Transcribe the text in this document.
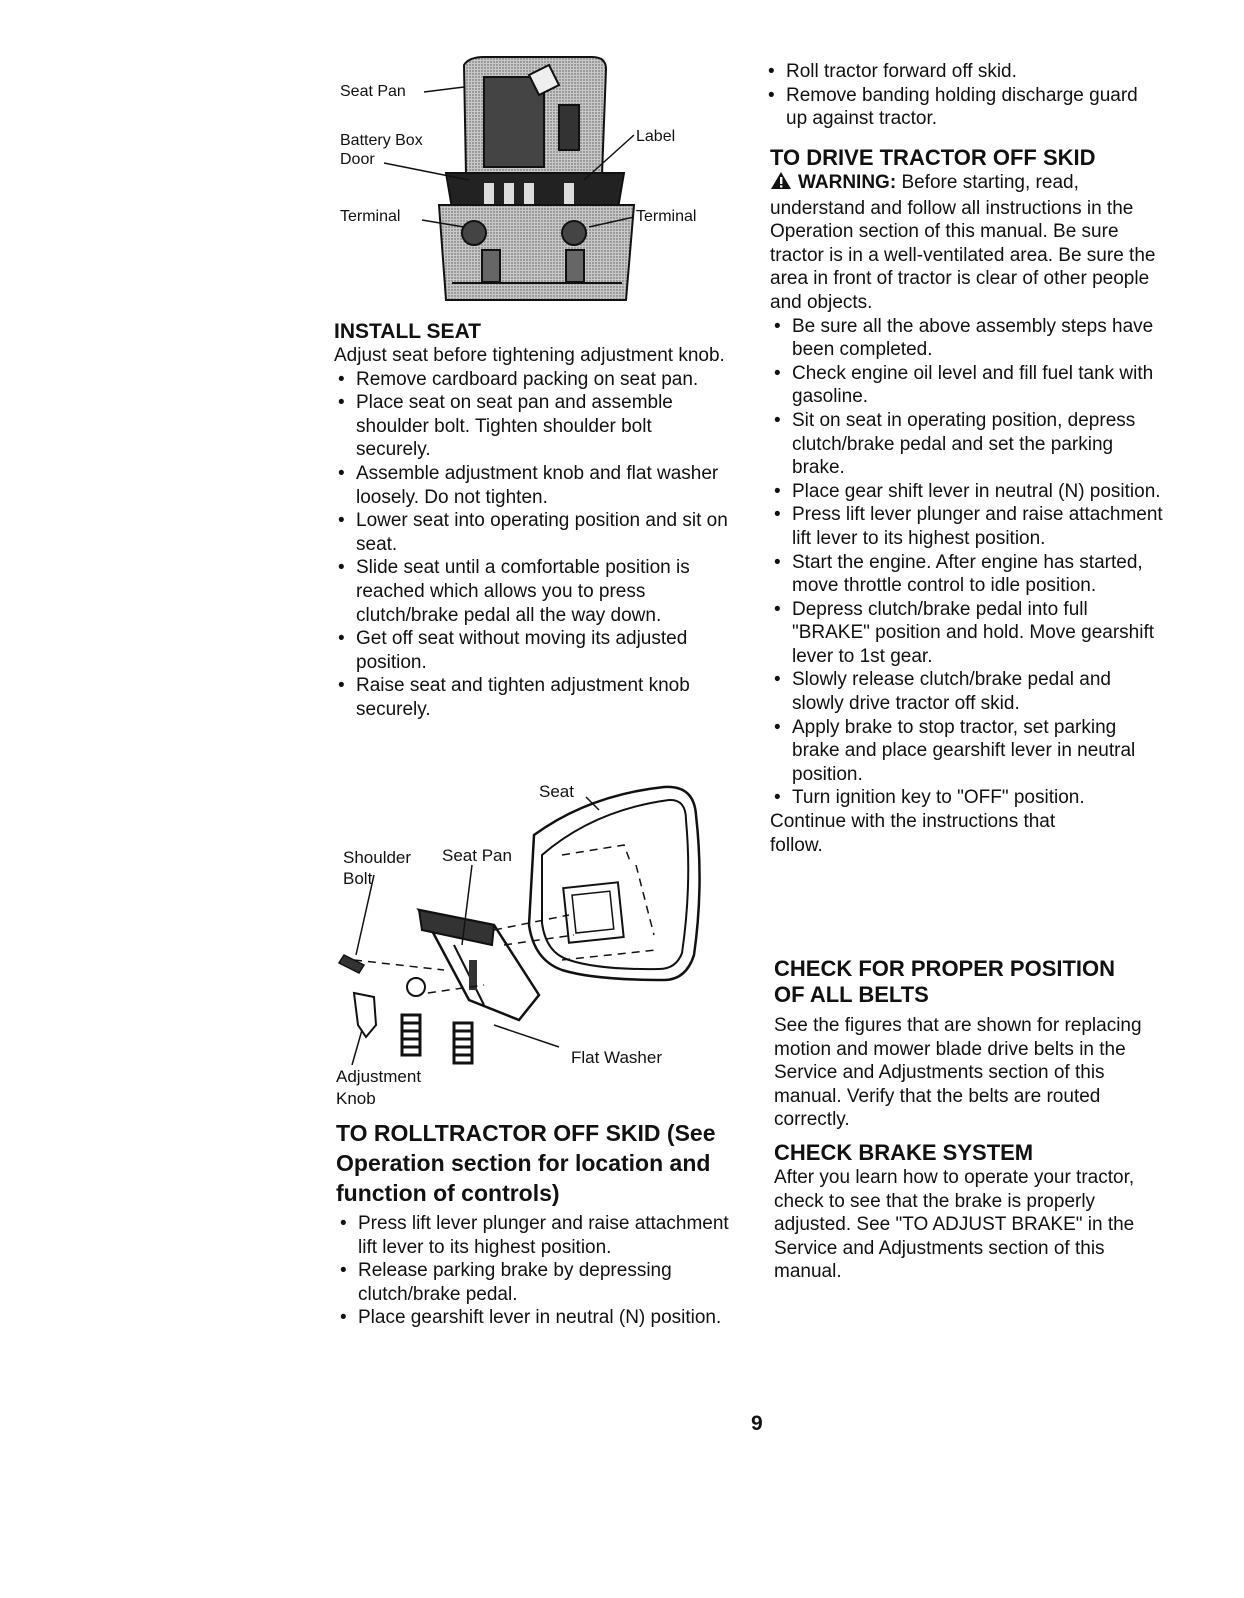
Seat Pan
Battery Box
Door
Label
Terminal	Terminal
INSTALL SEAT

Adjust seat before tightening adjustment knob.

• Remove cardboard packing on seat pan.
• Place seat on seat pan and assemble shoulder bolt. Tighten shoulder bolt securely.
• Assemble adjustment knob and flat washer loosely. Do not tighten.
• Lower seat into operating position and sit on seat.
• Slide seat until a comfortable position is reached which allows you to press clutch/brake pedal all the way down.
• Get off seat without moving its adjusted position.
• Raise seat and tighten adjustment knob securely.
Seat
Shoulder
Bolt
Seat Pan
Flat Washer
Adjustment
Knob
TO ROLLTRACTOR OFF SKID (See Operation section for location and function of controls)
• Press lift lever plunger and raise attachment lift lever to its highest position.
• Release parking brake by depressing clutch/brake pedal.
• Place gearshift lever in neutral (N) position.
• Roll tractor forward off skid.
• Remove banding holding discharge guard up against tractor.
TO DRIVE TRACTOR OFF SKID

WARNING: Before starting, read, understand and follow all instructions in the Operation section of this manual. Be sure tractor is in a well-ventilated area. Be sure the area in front of tractor is clear of other people and objects.

• Be sure all the above assembly steps have been completed.
• Check engine oil level and fill fuel tank with gasoline.
• Sit on seat in operating position, depress clutch/brake pedal and set the parking brake.
• Place gear shift lever in neutral (N) position.
• Press lift lever plunger and raise attachment lift lever to its highest position.
• Start the engine. After engine has started, move throttle control to idle position.
• Depress clutch/brake pedal into full "BRAKE" position and hold. Move gearshift lever to 1st gear.
• Slowly release clutch/brake pedal and slowly drive tractor off skid.
• Apply brake to stop tractor, set parking brake and place gearshift lever in neutral position.
• Turn ignition key to "OFF" position.

Continue with the instructions that follow.

CHECK FOR PROPER POSITION OF ALL BELTS

See the figures that are shown for replacing motion and mower blade drive belts in the Service and Adjustments section of this manual. Verify that the belts are routed correctly.

CHECK BRAKE SYSTEM

After you learn how to operate your tractor, check to see that the brake is properly adjusted. See "TO ADJUST BRAKE" in the Service and Adjustments section of this manual.

9
